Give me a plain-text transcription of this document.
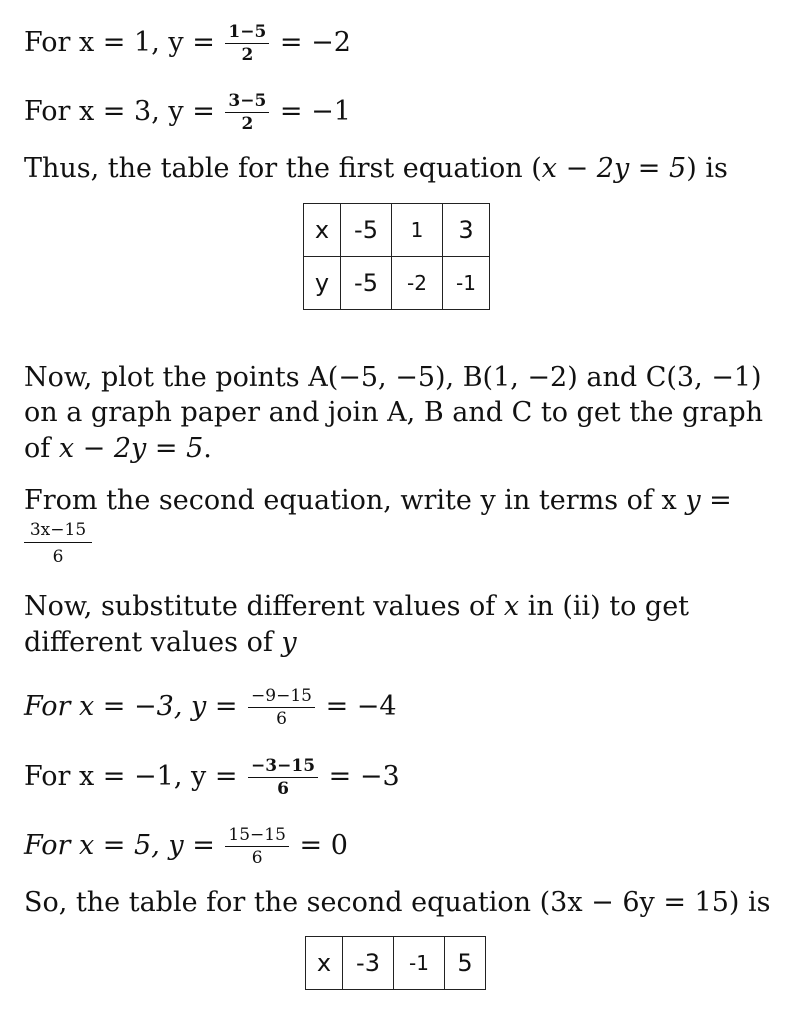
For x = 1, $y = \frac{1-5}{2} = -2$
For x = 3, $y = \frac{3-5}{2} = -1$
Thus, the table for the first equation (x − 2y = 5) is
x	-5	1	3
y	-5	-2	-1
Now, plot the points A(−5, −5), B(1, −2) and C(3, −1)
on a graph paper and join A, B and C to get the graph
of x − 2y = 5.
From the second equation, write y in terms of x y =
$\frac{3x-15}{6}$
Now, substitute different values of x in (ii) to get
different values of y
For x = −3, $y = \frac{-9-15}{6} = -4$
For x = −1, $y = \frac{-3-15}{6} = -3$
For x = 5, $y = \frac{15-15}{6} = 0$
So, the table for the second equation (3x − 6y = 15) is
x	-3	-1	5
